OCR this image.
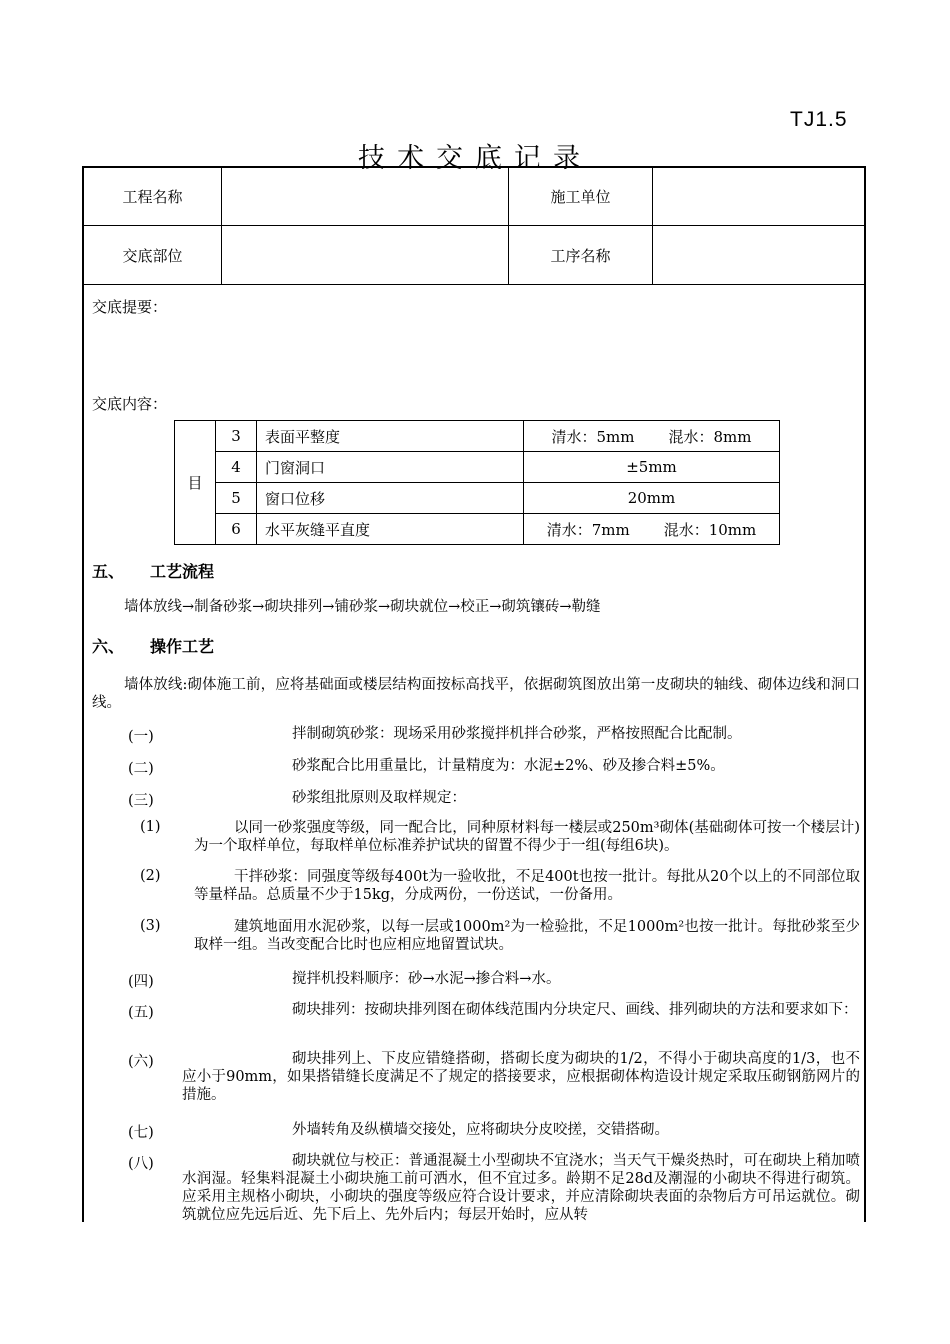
TJ1.5
技术交底记录
工程名称	施工单位
交底部位	工序名称
交底提要：
交底内容：
目	3	表面平整度	清水：5mm 混水：8mm
	4	门窗洞口	±5mm
	5	窗口位移	20mm
	6	水平灰缝平直度	清水：7mm 混水：10mm
五、 工艺流程
墙体放线→制备砂浆→砌块排列→铺砂浆→砌块就位→校正→砌筑镶砖→勒缝
六、 操作工艺
墙体放线:砌体施工前，应将基础面或楼层结构面按标高找平，依据砌筑图放出第一皮砌块的轴线、砌体边线和洞口线。
(一)	拌制砌筑砂浆：现场采用砂浆搅拌机拌合砂浆，严格按照配合比配制。
(二)	砂浆配合比用重量比，计量精度为：水泥±2%、砂及掺合料±5%。
(三)	砂浆组批原则及取样规定：
(1)	以同一砂浆强度等级，同一配合比，同种原材料每一楼层或250m³砌体(基础砌体可按一个楼层计)为一个取样单位，每取样单位标准养护试块的留置不得少于一组(每组6块)。
(2)	干拌砂浆：同强度等级每400t为一验收批，不足400t也按一批计。每批从20个以上的不同部位取等量样品。总质量不少于15kg，分成两份，一份送试，一份备用。
(3)	建筑地面用水泥砂浆，以每一层或1000m²为一检验批，不足1000m²也按一批计。每批砂浆至少取样一组。当改变配合比时也应相应地留置试块。
(四)	搅拌机投料顺序：砂→水泥→掺合料→水。
(五)	砌块排列：按砌块排列图在砌体线范围内分块定尺、画线、排列砌块的方法和要求如下：
(六)	砌块排列上、下皮应错缝搭砌，搭砌长度为砌块的1/2，不得小于砌块高度的1/3，也不应小于90mm，如果搭错缝长度满足不了规定的搭接要求，应根据砌体构造设计规定采取压砌钢筋网片的措施。
(七)	外墙转角及纵横墙交接处，应将砌块分皮咬搓，交错搭砌。
(八)	砌块就位与校正：普通混凝土小型砌块不宜浇水；当天气干燥炎热时，可在砌块上稍加喷水润湿。轻集料混凝土小砌块施工前可洒水，但不宜过多。龄期不足28d及潮湿的小砌块不得进行砌筑。应采用主规格小砌块，小砌块的强度等级应符合设计要求，并应清除砌块表面的杂物后方可吊运就位。砌筑就位应先远后近、先下后上、先外后内；每层开始时，应从转
